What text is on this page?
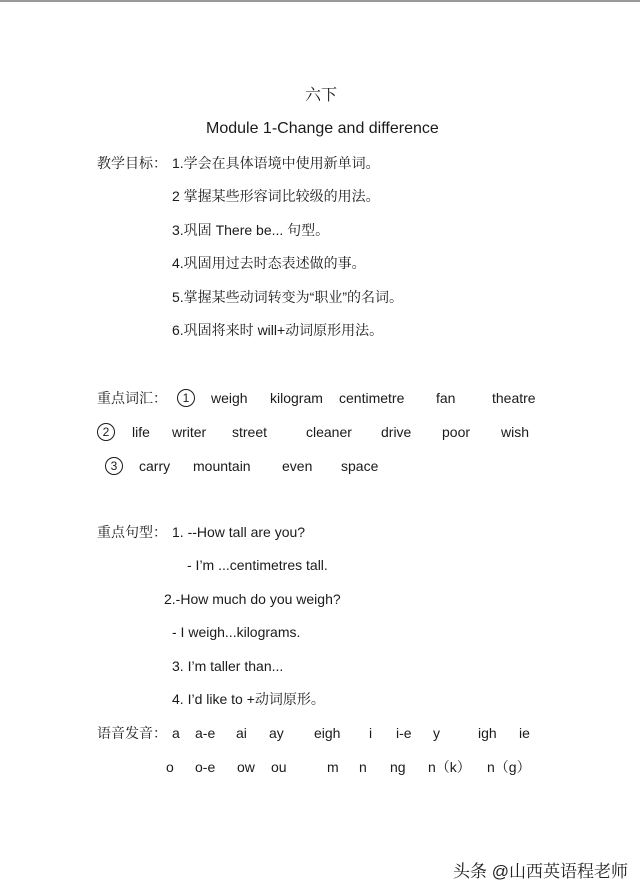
六下
Module 1-Change and difference
教学目标： 1.学会在具体语境中使用新单词。
2 掌握某些形容词比较级的用法。
3.巩固 There be... 句型。
4.巩固用过去时态表述做的事。
5.掌握某些动词转变为“职业”的名词。
6.巩固将来时 will+动词原形用法。
重点词汇：	1	weigh kilogram centimetre fan	theatre
2	life writer street	cleaner drive poor wish
3	carry mountain even space
重点句型： 1. --How tall are you?
- I’m ...centimetres tall.
2.-How much do you weigh?
- I weigh...kilograms.
3. I’m taller than...
4. I’d like to +动词原形。
语音发音： a a-e ai ay eigh i i-e y	igh ie
o o-e ow ou	m n ng n（k） n（g）
头条 @山西英语程老师
